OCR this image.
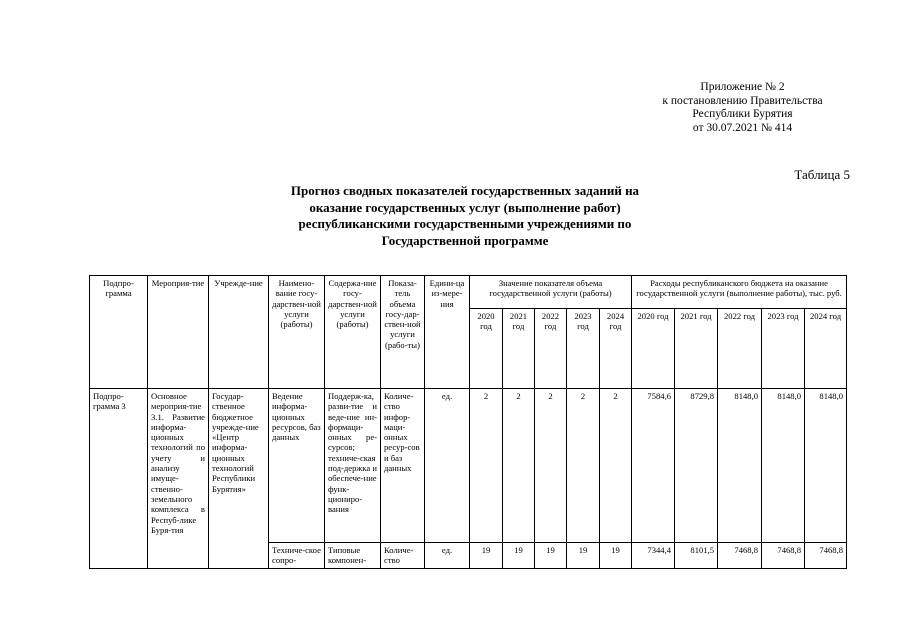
Приложение № 2
к постановлению Правительства
Республики Бурятия
от 30.07.2021 № 414
Таблица 5
Прогноз сводных показателей государственных заданий на
оказание государственных услуг (выполнение работ)
республиканскими государственными учреждениями по
Государственной программе
Подпро-грамма	Мероприя-тие	Учрежде-ние	Наимено-вание госу-дарствен-ной услуги (работы)	Содержа-ние госу-дарствен-ной услуги (работы)	Показа-тель объема госу-дар-ствен-ной услуги (рабо-ты)	Едини-ца из-мере-ния	Значение показателя объема государственной услуги (работы)					Расходы республиканского бюджета на оказание государственной услуги (выполнение работы), тыс. руб.				
							2020 год	2021 год	2022 год	2023 год	2024 год	2020 год	2021 год	2022 год	2023 год	2024 год
Подпро-грамма 3	Основное мероприя-тие 3.1. Развитие информа-ционных технологий по учету и анализу имуще-ственно-земельного комплекса в Респуб-лике Буря-тия	Государ-ственное бюджетное учрежде-ние «Центр информа-ционных технологий Республики Бурятия»	Ведение информа-ционных ресурсов, баз данных	Поддерж-ка, разви-тие и веде-ние ин-формаци-онных ре-сурсов; техниче-ская под-держка и обеспече-ние функ-циониро-вания	Количе-ство инфор-маци-онных ресур-сов и баз данных	ед.	2	2	2	2	2	7584,6	8729,8	8148,0	8148,0	8148,0
			Техниче-ское сопро-	Типовые компонен-	Количе-ство	ед.	19	19	19	19	19	7344,4	8101,5	7468,8	7468,8	7468,8
